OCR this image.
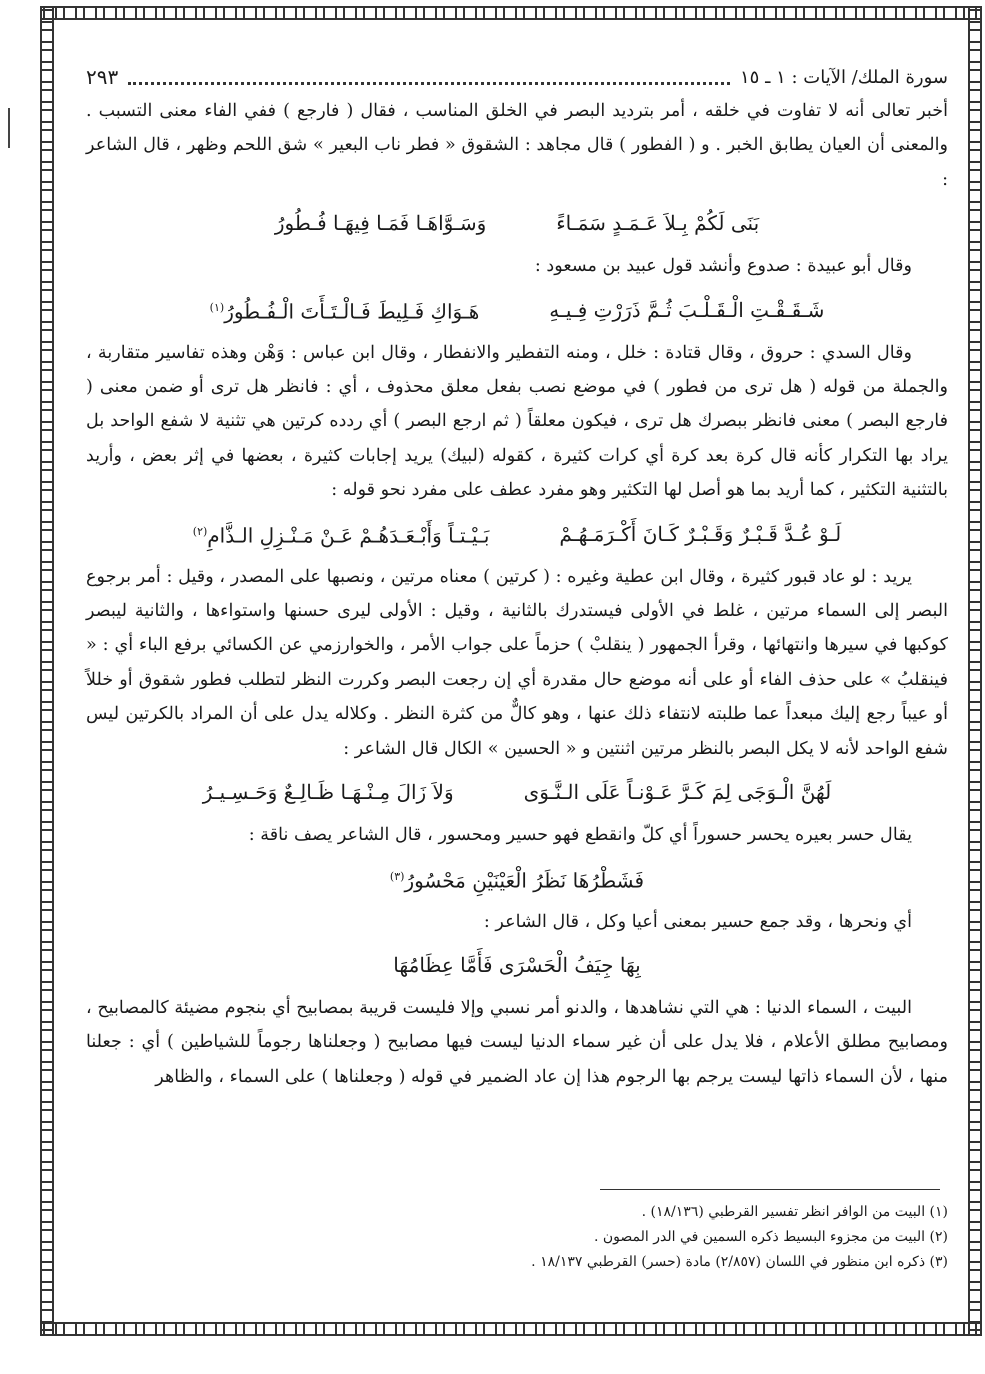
سورة الملك/ الآيات : ١ ـ ١٥
٢٩٣

أخبر تعالى أنه لا تفاوت في خلقه ، أمر بترديد البصر في الخلق المناسب ، فقال ( فارجع ) ففي الفاء معنى التسبب . والمعنى أن العيان يطابق الخبر . و ( الفطور ) قال مجاهد : الشقوق « فطر ناب البعير » شق اللحم وظهر ، قال الشاعر :

بَنَى لَكُمْ بِـلاَ عَـمَـدٍ سَمَـاءً
وَسَـوَّاهَـا فَمَـا فِيهَـا فُـطُورُ

وقال أبو عبيدة : صدوع وأنشد قول عبيد بن مسعود :

شَـقَـقْـتِ الْـقَـلْـبَ ثُـمَّ ذَرَرْتِ فِـيـهِ
هَـوَاكِ فَـلِيطَ فَـالْـتَـأَتَ الْـفُـطُورُ$^{(١)}$

وقال السدي : حروق ، وقال قتادة : خلل ، ومنه التفطير والانفطار ، وقال ابن عباس : وَهْن وهذه تفاسير متقاربة ، والجملة من قوله ( هل ترى من فطور ) في موضع نصب بفعل معلق محذوف ، أي : فانظر هل ترى أو ضمن معنى ( فارجع البصر ) معنى فانظر ببصرك هل ترى ، فيكون معلقاً ( ثم ارجع البصر ) أي ردده كرتين هي تثنية لا شفع الواحد بل يراد بها التكرار كأنه قال كرة بعد كرة أي كرات كثيرة ، كقوله (لبيك) يريد إجابات كثيرة ، بعضها في إثر بعض ، وأريد بالتثنية التكثير ، كما أريد بما هو أصل لها التكثير وهو مفرد عطف على مفرد نحو قوله :

لَـوْ عُـدَّ قَـبْـرٌ وَقَـبْـرٌ كَـانَ أَكْـرَمَـهُـمْ
بَـيْـتـاً وَأَبْـعَـدَهُـمْ عَـنْ مَـنْـزِلِ الـذَّامِ$^{(٢)}$

يريد : لو عاد قبور كثيرة ، وقال ابن عطية وغيره : ( كرتين ) معناه مرتين ، ونصبها على المصدر ، وقيل : أمر برجوع البصر إلى السماء مرتين ، غلط في الأولى فيستدرك بالثانية ، وقيل : الأولى ليرى حسنها واستواءها ، والثانية ليبصر كوكبها في سيرها وانتهائها ، وقرأ الجمهور ( ينقلبْ ) حزماً على جواب الأمر ، والخوارزمي عن الكسائي برفع الباء أي : « فينقلبُ » على حذف الفاء أو على أنه موضع حال مقدرة أي إن رجعت البصر وكررت النظر لتطلب فطور شقوق أو خللاً أو عيباً رجع إليك مبعداً عما طلبته لانتفاء ذلك عنها ، وهو كالٌّ من كثرة النظر . وكلاله يدل على أن المراد بالكرتين ليس شفع الواحد لأنه لا يكل البصر بالنظر مرتين اثنتين و « الحسين » الكال قال الشاعر :

لَهُنَّ الْـوَجَى لِمَ كَـرَّ عَـوْنـاً عَلَى الـنَّـوَى
وَلاَ زَالَ مِـنْـهَـا ظَـالِـعٌ وَحَـسِـيـرُ

يقال حسر بعيره يحسر حسوراً أي كلّ وانقطع فهو حسير ومحسور ، قال الشاعر يصف ناقة :

فَشَطْرُهَا نَظَرُ الْعَيْنَيْنِ مَحْسُورُ$^{(٣)}$

أي ونحرها ، وقد جمع حسير بمعنى أعيا وكل ، قال الشاعر :

بِهَا جِيَفُ الْحَسْرَى فَأَمَّا عِظَامُهَا

البيت ، السماء الدنيا : هي التي نشاهدها ، والدنو أمر نسبي وإلا فليست قريبة بمصابيح أي بنجوم مضيئة كالمصابيح ، ومصابيح مطلق الأعلام ، فلا يدل على أن غير سماء الدنيا ليست فيها مصابيح ( وجعلناها رجوماً للشياطين ) أي : جعلنا منها ، لأن السماء ذاتها ليست يرجم بها الرجوم هذا إن عاد الضمير في قوله ( وجعلناها ) على السماء ، والظاهر

(١) البيت من الوافر انظر تفسير القرطبي (١٨/١٣٦) .
(٢) البيت من مجزوء البسيط ذكره السمين في الدر المصون .
(٣) ذكره ابن منظور في اللسان (٢/٨٥٧) مادة (حسر) القرطبي ١٨/١٣٧ .
